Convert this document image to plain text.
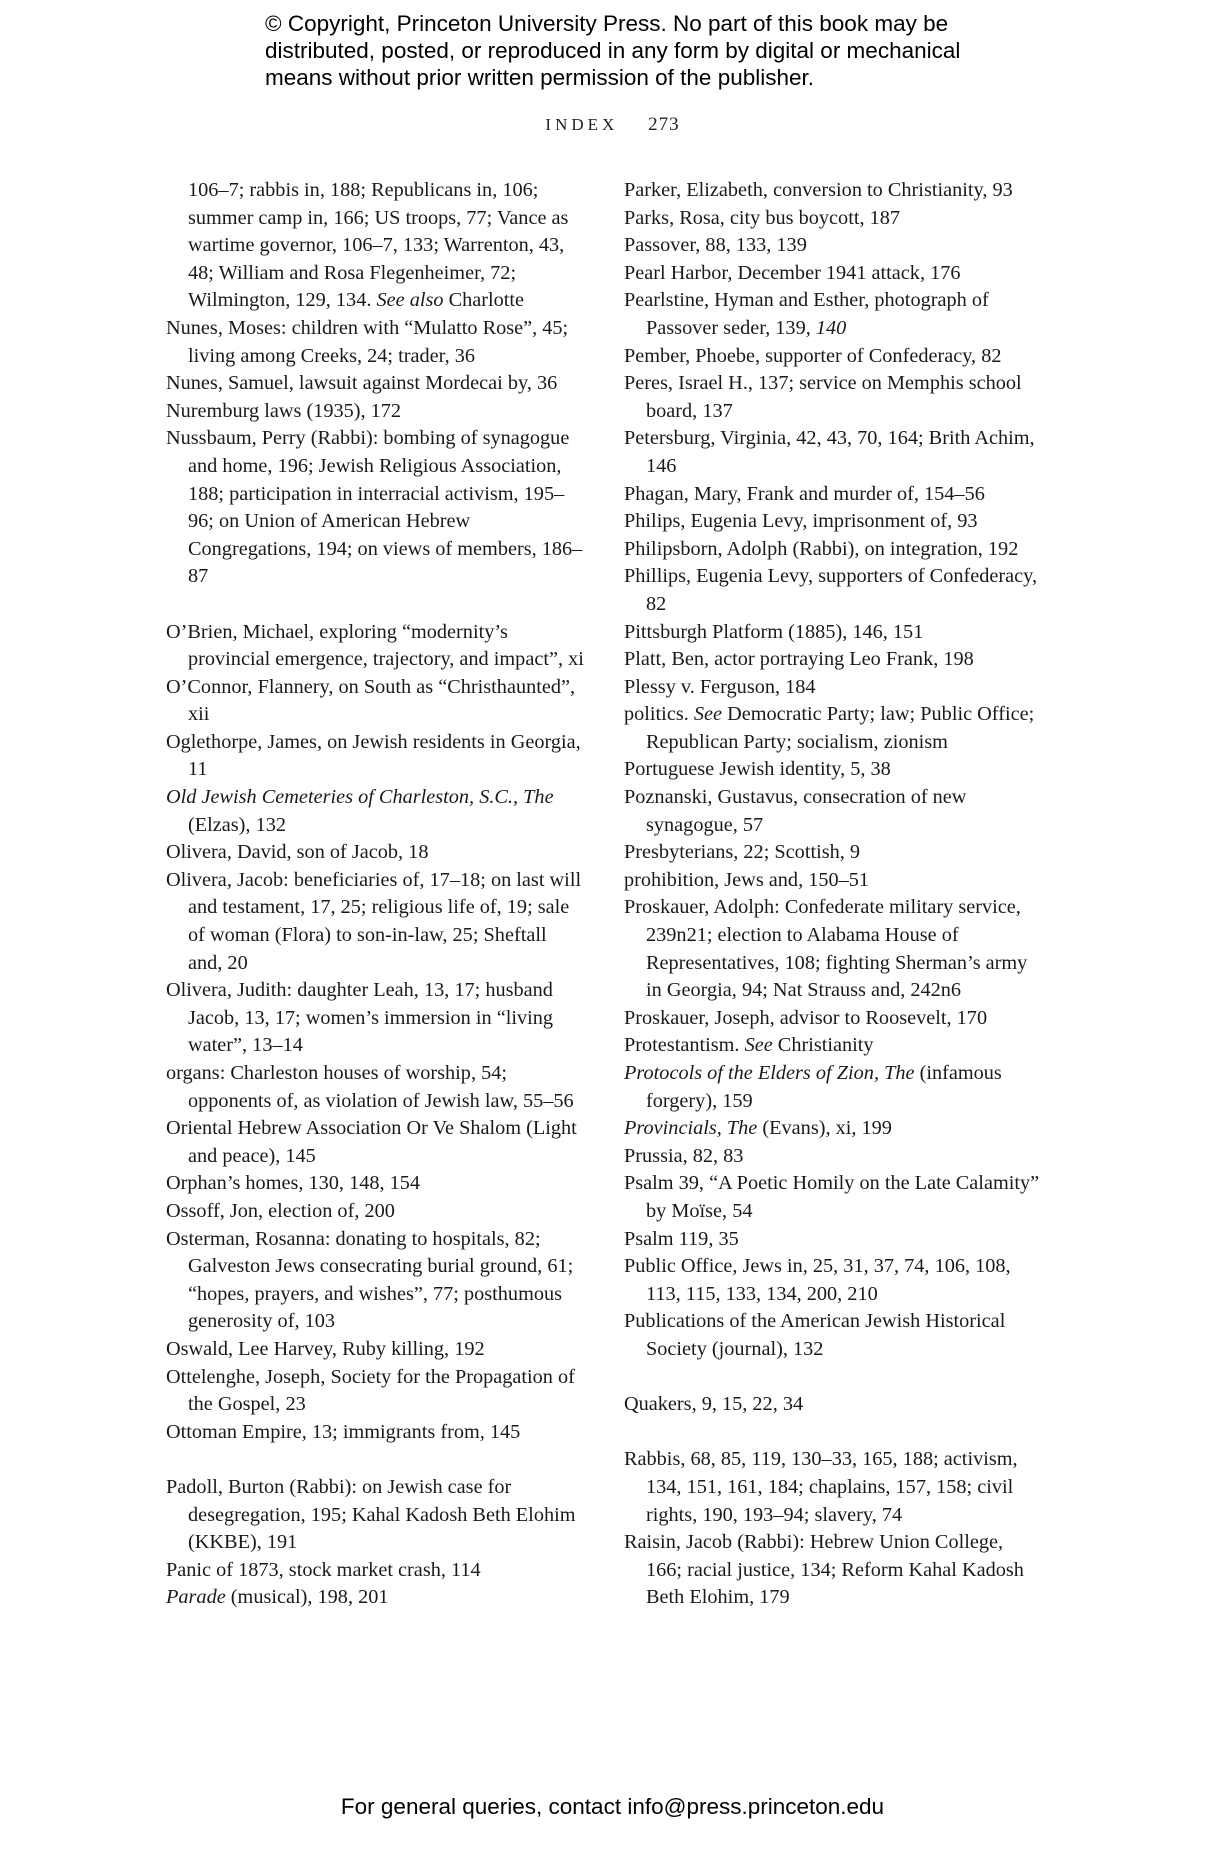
© Copyright, Princeton University Press. No part of this book may be distributed, posted, or reproduced in any form by digital or mechanical means without prior written permission of the publisher.
INDEX 273

106–7; rabbis in, 188; Republicans in, 106; summer camp in, 166; US troops, 77; Vance as wartime governor, 106–7, 133; Warrenton, 43, 48; William and Rosa Flegenheimer, 72; Wilmington, 129, 134. See also Charlotte

Nunes, Moses: children with “Mulatto Rose”, 45; living among Creeks, 24; trader, 36

Nunes, Samuel, lawsuit against Mordecai by, 36

Nuremburg laws (1935), 172

Nussbaum, Perry (Rabbi): bombing of synagogue and home, 196; Jewish Religious Association, 188; participation in interracial activism, 195–96; on Union of American Hebrew Congregations, 194; on views of members, 186–87

O’Brien, Michael, exploring “modernity’s provincial emergence, trajectory, and impact”, xi

O’Connor, Flannery, on South as “Christhaunted”, xii

Oglethorpe, James, on Jewish residents in Georgia, 11

Old Jewish Cemeteries of Charleston, S.C., The (Elzas), 132

Olivera, David, son of Jacob, 18

Olivera, Jacob: beneficiaries of, 17–18; on last will and testament, 17, 25; religious life of, 19; sale of woman (Flora) to son-in-law, 25; Sheftall and, 20

Olivera, Judith: daughter Leah, 13, 17; husband Jacob, 13, 17; women’s immersion in “living water”, 13–14

organs: Charleston houses of worship, 54; opponents of, as violation of Jewish law, 55–56

Oriental Hebrew Association Or Ve Shalom (Light and peace), 145

Orphan’s homes, 130, 148, 154

Ossoff, Jon, election of, 200

Osterman, Rosanna: donating to hospitals, 82; Galveston Jews consecrating burial ground, 61; “hopes, prayers, and wishes”, 77; posthumous generosity of, 103

Oswald, Lee Harvey, Ruby killing, 192

Ottelenghe, Joseph, Society for the Propagation of the Gospel, 23

Ottoman Empire, 13; immigrants from, 145

Padoll, Burton (Rabbi): on Jewish case for desegregation, 195; Kahal Kadosh Beth Elohim (KKBE), 191

Panic of 1873, stock market crash, 114

Parade (musical), 198, 201

Parker, Elizabeth, conversion to Christianity, 93

Parks, Rosa, city bus boycott, 187

Passover, 88, 133, 139

Pearl Harbor, December 1941 attack, 176

Pearlstine, Hyman and Esther, photograph of Passover seder, 139, 140

Pember, Phoebe, supporter of Confederacy, 82

Peres, Israel H., 137; service on Memphis school board, 137

Petersburg, Virginia, 42, 43, 70, 164; Brith Achim, 146

Phagan, Mary, Frank and murder of, 154–56

Philips, Eugenia Levy, imprisonment of, 93

Philipsborn, Adolph (Rabbi), on integration, 192

Phillips, Eugenia Levy, supporters of Confederacy, 82

Pittsburgh Platform (1885), 146, 151

Platt, Ben, actor portraying Leo Frank, 198

Plessy v. Ferguson, 184

politics. See Democratic Party; law; Public Office; Republican Party; socialism, zionism

Portuguese Jewish identity, 5, 38

Poznanski, Gustavus, consecration of new synagogue, 57

Presbyterians, 22; Scottish, 9

prohibition, Jews and, 150–51

Proskauer, Adolph: Confederate military service, 239n21; election to Alabama House of Representatives, 108; fighting Sherman’s army in Georgia, 94; Nat Strauss and, 242n6

Proskauer, Joseph, advisor to Roosevelt, 170

Protestantism. See Christianity

Protocols of the Elders of Zion, The (infamous forgery), 159

Provincials, The (Evans), xi, 199

Prussia, 82, 83

Psalm 39, “A Poetic Homily on the Late Calamity” by Moïse, 54

Psalm 119, 35

Public Office, Jews in, 25, 31, 37, 74, 106, 108, 113, 115, 133, 134, 200, 210

Publications of the American Jewish Historical Society (journal), 132

Quakers, 9, 15, 22, 34

Rabbis, 68, 85, 119, 130–33, 165, 188; activism, 134, 151, 161, 184; chaplains, 157, 158; civil rights, 190, 193–94; slavery, 74

Raisin, Jacob (Rabbi): Hebrew Union College, 166; racial justice, 134; Reform Kahal Kadosh Beth Elohim, 179

For general queries, contact info@press.princeton.edu
